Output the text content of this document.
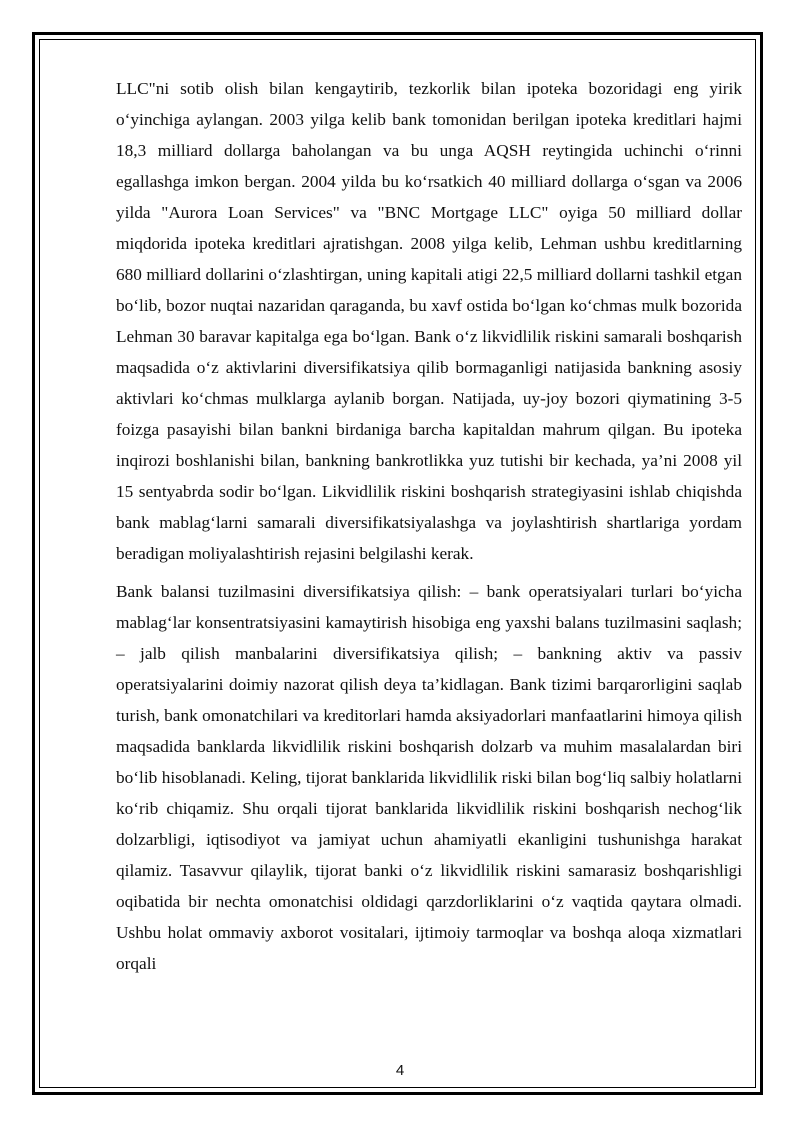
LLC"ni sotib olish bilan kengaytirib, tezkorlik bilan ipoteka bozoridagi eng yirik o‘yinchiga aylangan. 2003 yilga kelib bank tomonidan berilgan ipoteka kreditlari hajmi 18,3 milliard dollarga baholangan va bu unga AQSH reytingida uchinchi o‘rinni egallashga imkon bergan. 2004 yilda bu ko‘rsatkich 40 milliard dollarga o‘sgan va 2006 yilda "Aurora Loan Services" va "BNC Mortgage LLC" oyiga 50 milliard dollar miqdorida ipoteka kreditlari ajratishgan. 2008 yilga kelib, Lehman ushbu kreditlarning 680 milliard dollarini o‘zlashtirgan, uning kapitali atigi 22,5 milliard dollarni tashkil etgan bo‘lib, bozor nuqtai nazaridan qaraganda, bu xavf ostida bo‘lgan ko‘chmas mulk bozorida Lehman 30 baravar kapitalga ega bo‘lgan. Bank o‘z likvidlilik riskini samarali boshqarish maqsadida o‘z aktivlarini diversifikatsiya qilib bormaganligi natijasida bankning asosiy aktivlari ko‘chmas mulklarga aylanib borgan. Natijada, uy-joy bozori qiymatining 3-5 foizga pasayishi bilan bankni birdaniga barcha kapitaldan mahrum qilgan. Bu ipoteka inqirozi boshlanishi bilan, bankning bankrotlikka yuz tutishi bir kechada, ya’ni 2008 yil 15 sentyabrda sodir bo‘lgan. Likvidlilik riskini boshqarish strategiyasini ishlab chiqishda bank mablag‘larni samarali diversifikatsiyalashga va joylashtirish shartlariga yordam beradigan moliyalashtirish rejasini belgilashi kerak.

Bank balansi tuzilmasini diversifikatsiya qilish: – bank operatsiyalari turlari bo‘yicha mablag‘lar konsentratsiyasini kamaytirish hisobiga eng yaxshi balans tuzilmasini saqlash; – jalb qilish manbalarini diversifikatsiya qilish; – bankning aktiv va passiv operatsiyalarini doimiy nazorat qilish deya ta’kidlagan. Bank tizimi barqarorligini saqlab turish, bank omonatchilari va kreditorlari hamda aksiyadorlari manfaatlarini himoya qilish maqsadida banklarda likvidlilik riskini boshqarish dolzarb va muhim masalalardan biri bo‘lib hisoblanadi. Keling, tijorat banklarida likvidlilik riski bilan bog‘liq salbiy holatlarni ko‘rib chiqamiz. Shu orqali tijorat banklarida likvidlilik riskini boshqarish nechog‘lik dolzarbligi, iqtisodiyot va jamiyat uchun ahamiyatli ekanligini tushunishga harakat qilamiz. Tasavvur qilaylik, tijorat banki o‘z likvidlilik riskini samarasiz boshqarishligi oqibatida bir nechta omonatchisi oldidagi qarzdorliklarini o‘z vaqtida qaytara olmadi. Ushbu holat ommaviy axborot vositalari, ijtimoiy tarmoqlar va boshqa aloqa xizmatlari orqali

4
